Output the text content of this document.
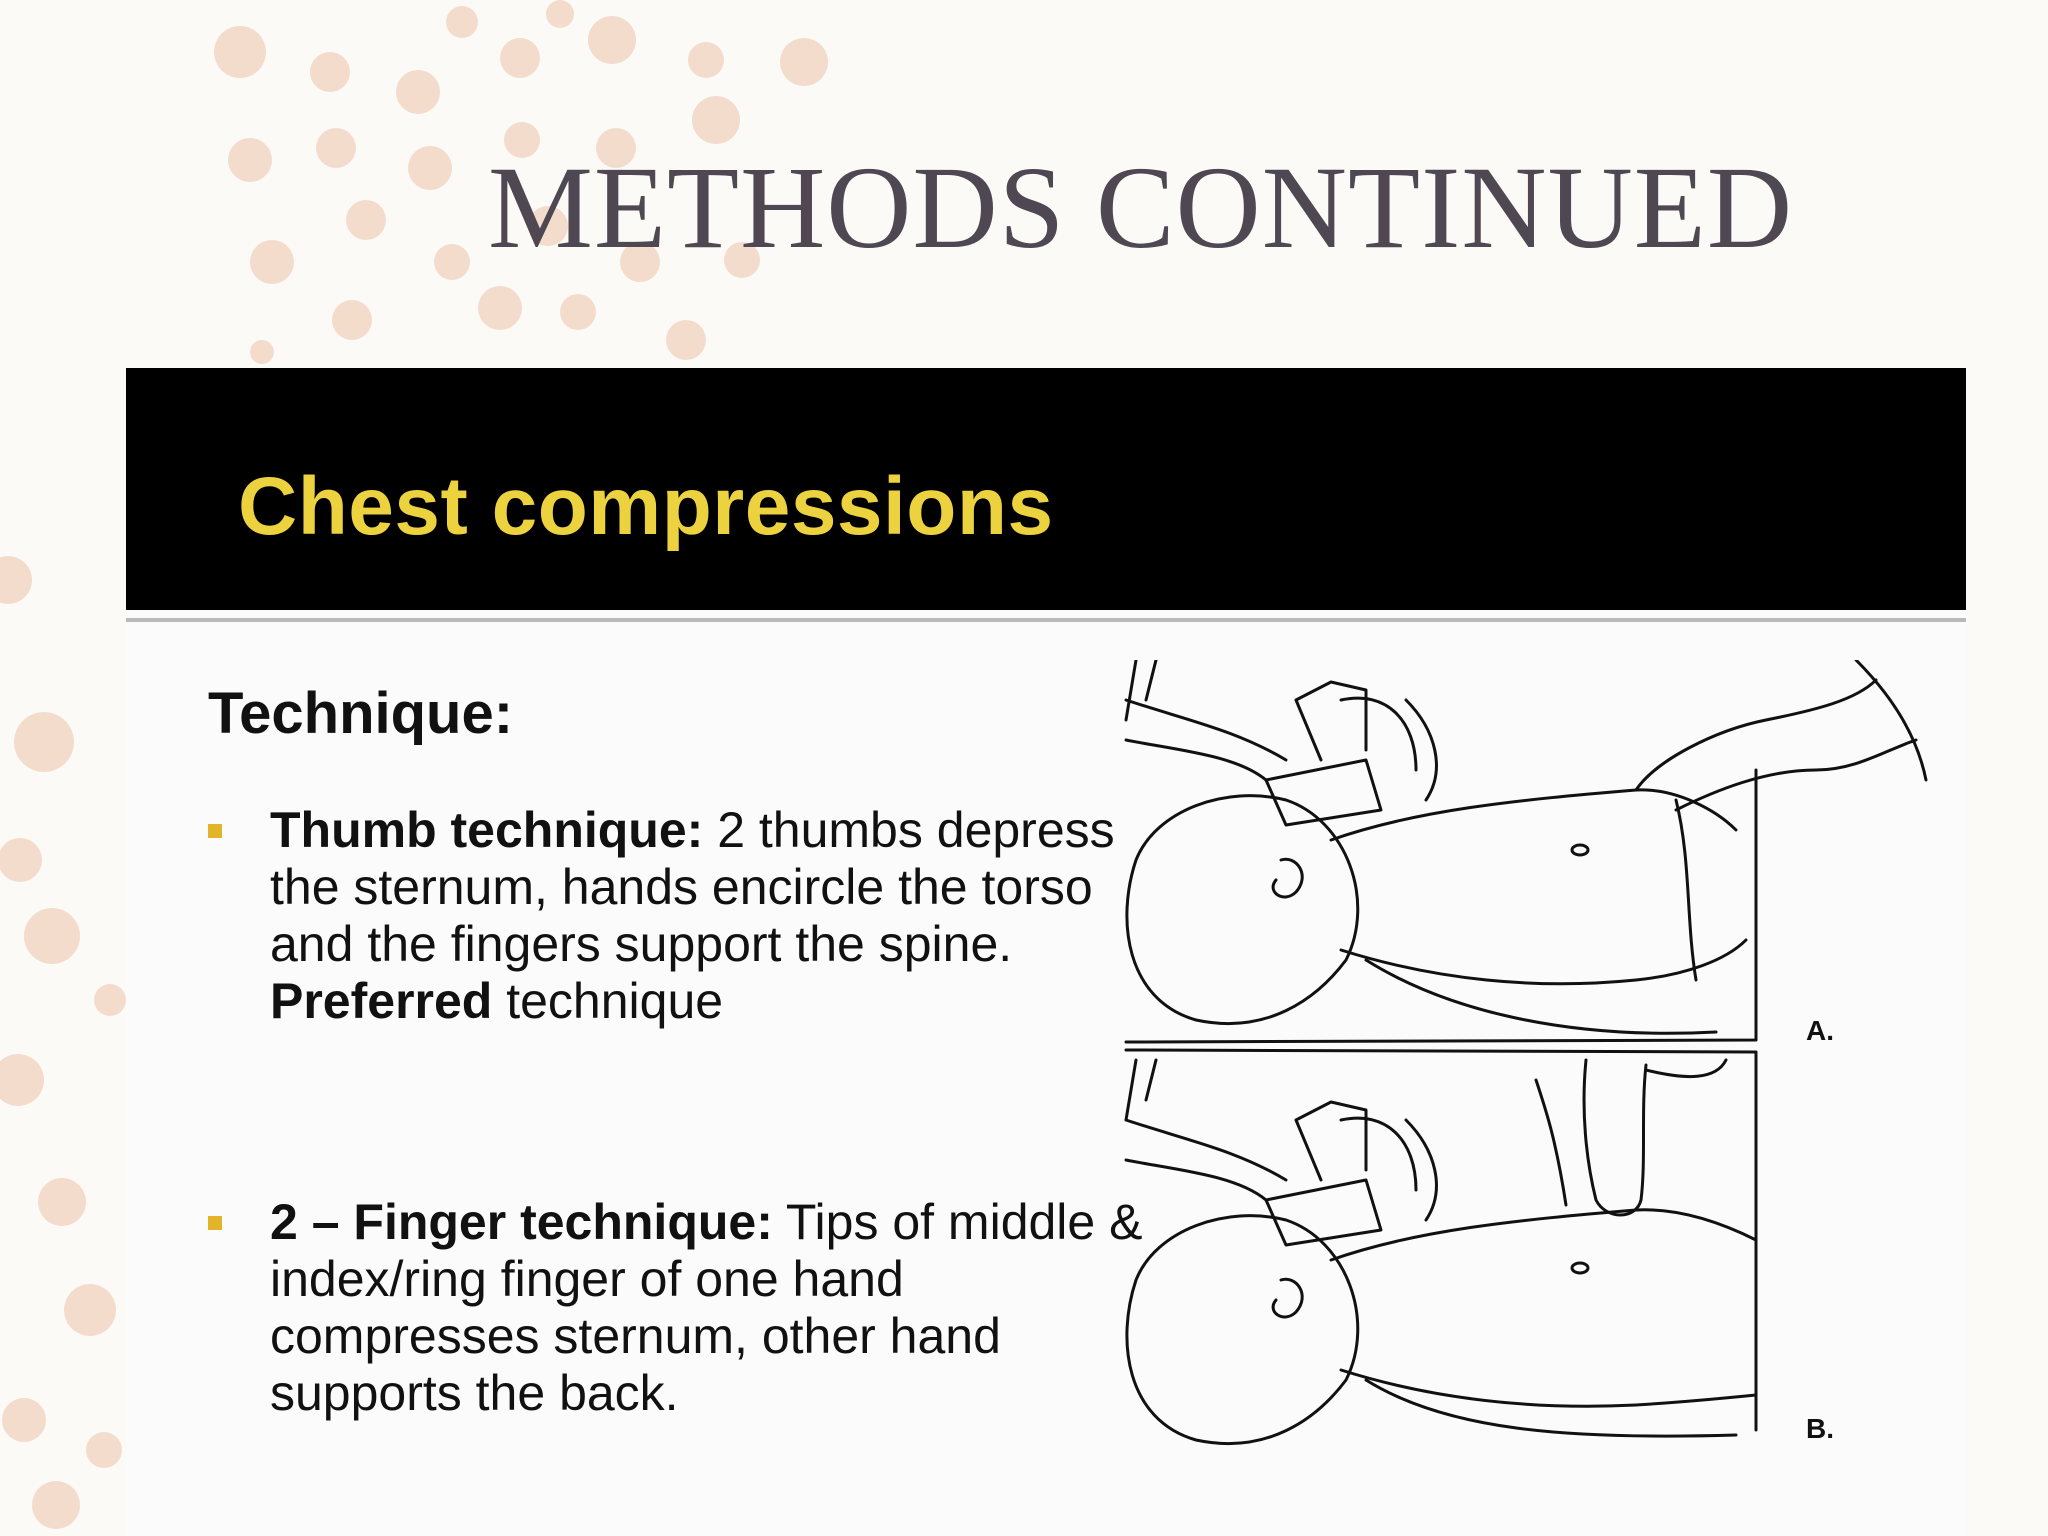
METHODS CONTINUED
Chest compressions
Technique:
Thumb technique: 2 thumbs depress the sternum, hands encircle the torso and the fingers support the spine. Preferred technique
2 – Finger technique: Tips of middle & index/ring finger of one hand compresses sternum, other hand supports the back.
A.
B.
